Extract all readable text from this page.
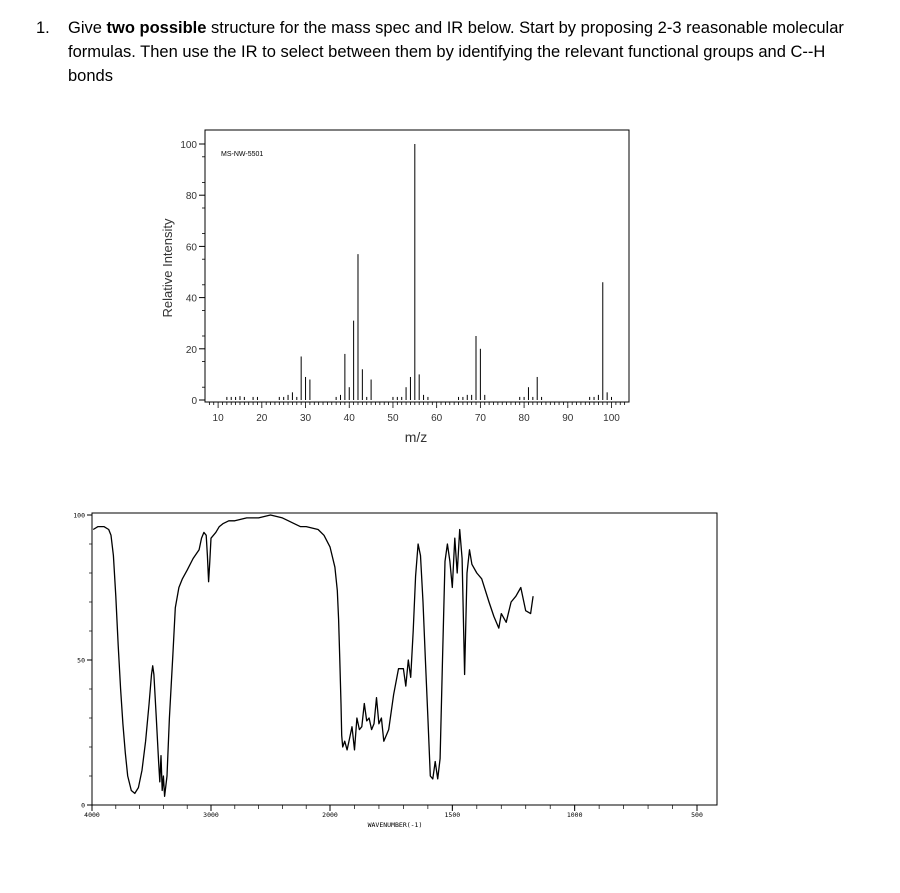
1. Give two possible structure for the mass spec and IR below. Start by proposing 2-3 reasonable molecular formulas. Then use the IR to select between them by identifying the relevant functional groups and C--H bonds
0
20
40
60
80
100
10	20	30	40	50	60	70	80	90	100
MS-NW-5501
Relative Intensity
m/z
100
50
0
4000	3000	2000	1500	1000	500
WAVENUMBER(-1)
